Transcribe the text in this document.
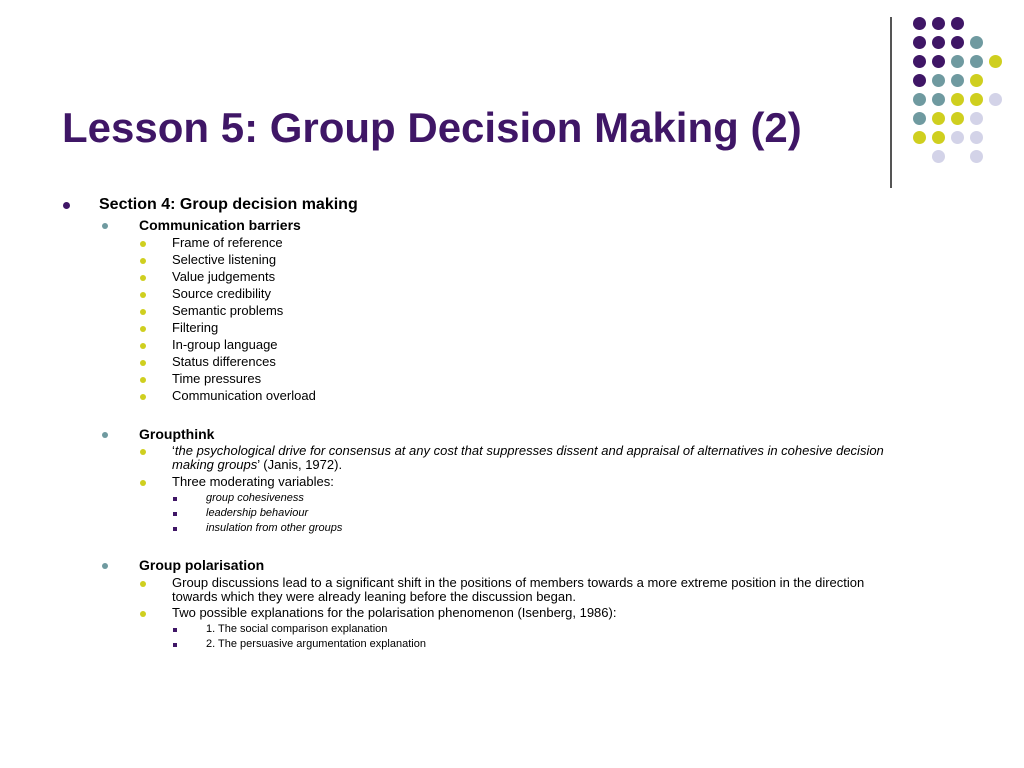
Lesson 5: Group Decision Making (2)
Section 4: Group decision making
Communication barriers
Frame of reference
Selective listening
Value judgements
Source credibility
Semantic problems
Filtering
In-group language
Status differences
Time pressures
Communication overload
Groupthink
‘the psychological drive for consensus at any cost that suppresses dissent and appraisal of alternatives in cohesive decision
making groups’ (Janis, 1972).
Three moderating variables:
group cohesiveness
leadership behaviour
insulation from other groups
Group polarisation
Group discussions lead to a significant shift in the positions of members towards a more extreme position in the direction
towards which they were already leaning before the discussion began.
Two possible explanations for the polarisation phenomenon (Isenberg, 1986):
1. The social comparison explanation
2. The persuasive argumentation explanation
